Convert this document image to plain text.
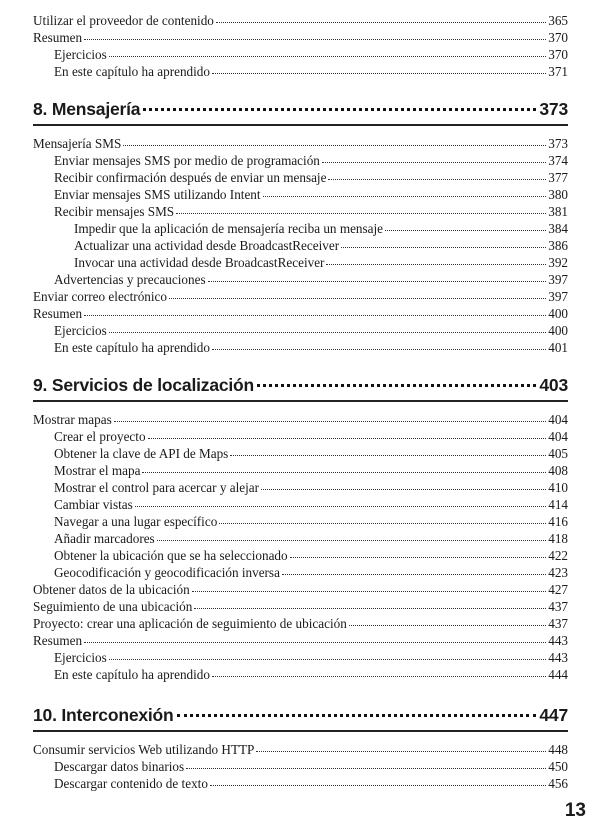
Utilizar el proveedor de contenido	365
Resumen	370
Ejercicios	370
En este capítulo ha aprendido	371
8. Mensajería	373
Mensajería SMS	373
Enviar mensajes SMS por medio de programación	374
Recibir confirmación después de enviar un mensaje	377
Enviar mensajes SMS utilizando Intent	380
Recibir mensajes SMS	381
Impedir que la aplicación de mensajería reciba un mensaje	384
Actualizar una actividad desde BroadcastReceiver	386
Invocar una actividad desde BroadcastReceiver	392
Advertencias y precauciones	397
Enviar correo electrónico	397
Resumen	400
Ejercicios	400
En este capítulo ha aprendido	401
9. Servicios de localización	403
Mostrar mapas	404
Crear el proyecto	404
Obtener la clave de API de Maps	405
Mostrar el mapa	408
Mostrar el control para acercar y alejar	410
Cambiar vistas	414
Navegar a una lugar específico	416
Añadir marcadores	418
Obtener la ubicación que se ha seleccionado	422
Geocodificación y geocodificación inversa	423
Obtener datos de la ubicación	427
Seguimiento de una ubicación	437
Proyecto: crear una aplicación de seguimiento de ubicación	437
Resumen	443
Ejercicios	443
En este capítulo ha aprendido	444
10. Interconexión	447
Consumir servicios Web utilizando HTTP	448
Descargar datos binarios	450
Descargar contenido de texto	456
13
